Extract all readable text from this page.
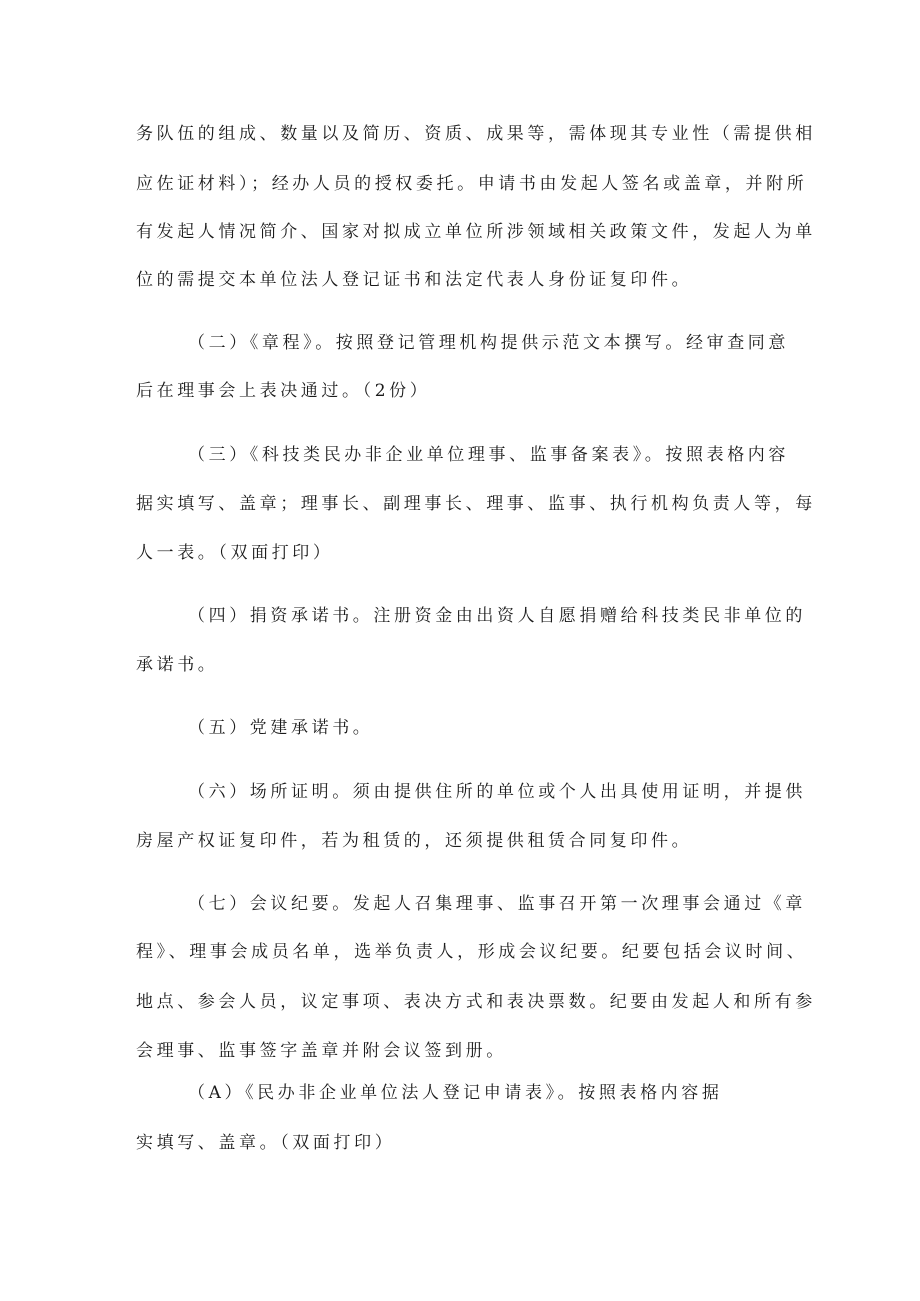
务队伍的组成、数量以及简历、资质、成果等，需体现其专业性（需提供相
应佐证材料）；经办人员的授权委托。申请书由发起人签名或盖章，并附所
有发起人情况简介、国家对拟成立单位所涉领域相关政策文件，发起人为单
位的需提交本单位法人登记证书和法定代表人身份证复印件。
（二）《章程》。按照登记管理机构提供示范文本撰写。经审查同意
后在理事会上表决通过。（2份）
（三）《科技类民办非企业单位理事、监事备案表》。按照表格内容
据实填写、盖章；理事长、副理事长、理事、监事、执行机构负责人等，每
人一表。（双面打印）
（四）捐资承诺书。注册资金由出资人自愿捐赠给科技类民非单位的
承诺书。
（五）党建承诺书。
（六）场所证明。须由提供住所的单位或个人出具使用证明，并提供
房屋产权证复印件，若为租赁的，还须提供租赁合同复印件。
（七）会议纪要。发起人召集理事、监事召开第一次理事会通过《章
程》、理事会成员名单，选举负责人，形成会议纪要。纪要包括会议时间、
地点、参会人员，议定事项、表决方式和表决票数。纪要由发起人和所有参
会理事、监事签字盖章并附会议签到册。
（A）《民办非企业单位法人登记申请表》。按照表格内容据
实填写、盖章。（双面打印）
